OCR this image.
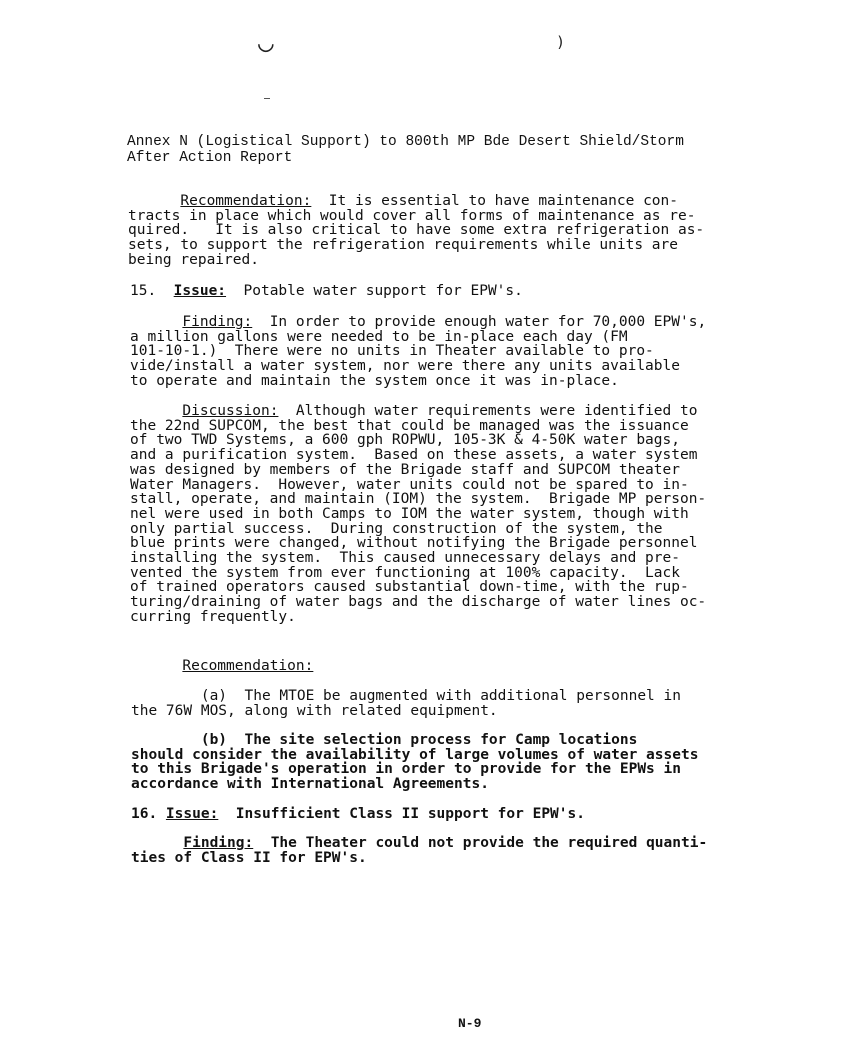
◡	)
Annex N (Logistical Support) to 800th MP Bde Desert Shield/Storm
After Action Report
Recommendation:  It is essential to have maintenance con-
tracts in place which would cover all forms of maintenance as re-
quired.   It is also critical to have some extra refrigeration as-
sets, to support the refrigeration requirements while units are
being repaired.
15.  Issue:  Potable water support for EPW's.
Finding:  In order to provide enough water for 70,000 EPW's,
a million gallons were needed to be in-place each day (FM
101-10-1.)  There were no units in Theater available to pro-
vide/install a water system, nor were there any units available
to operate and maintain the system once it was in-place.
Discussion:  Although water requirements were identified to
the 22nd SUPCOM, the best that could be managed was the issuance
of two TWD Systems, a 600 gph ROPWU, 105-3K & 4-50K water bags,
and a purification system.  Based on these assets, a water system
was designed by members of the Brigade staff and SUPCOM theater
Water Managers.  However, water units could not be spared to in-
stall, operate, and maintain (IOM) the system.  Brigade MP person-
nel were used in both Camps to IOM the water system, though with
only partial success.  During construction of the system, the
blue prints were changed, without notifying the Brigade personnel
installing the system.  This caused unnecessary delays and pre-
vented the system from ever functioning at 100% capacity.  Lack
of trained operators caused substantial down-time, with the rup-
turing/draining of water bags and the discharge of water lines oc-
curring frequently.
Recommendation:
(a)  The MTOE be augmented with additional personnel in
the 76W MOS, along with related equipment.
(b)  The site selection process for Camp locations
should consider the availability of large volumes of water assets
to this Brigade's operation in order to provide for the EPWs in
accordance with International Agreements.
16. Issue:  Insufficient Class II support for EPW's.
Finding:  The Theater could not provide the required quanti-
ties of Class II for EPW's.
N-9
